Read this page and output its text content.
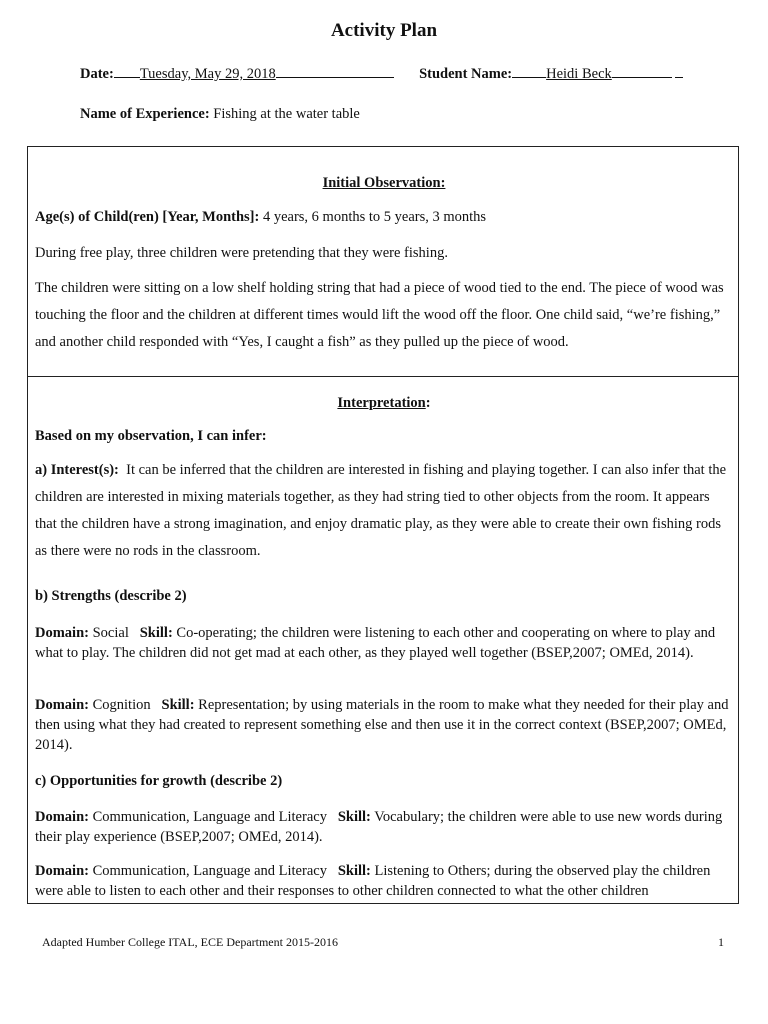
Activity Plan
Date: Tuesday, May 29, 2018	Student Name: Heidi Beck
Name of Experience: Fishing at the water table
Initial Observation:
Age(s) of Child(ren) [Year, Months]: 4 years, 6 months to 5 years, 3 months
During free play, three children were pretending that they were fishing.
The children were sitting on a low shelf holding string that had a piece of wood tied to the end. The piece of wood was touching the floor and the children at different times would lift the wood off the floor. One child said, “we’re fishing,” and another child responded with “Yes, I caught a fish” as they pulled up the piece of wood.
Interpretation:
Based on my observation, I can infer:
a) Interest(s): It can be inferred that the children are interested in fishing and playing together. I can also infer that the children are interested in mixing materials together, as they had string tied to other objects from the room. It appears that the children have a strong imagination, and enjoy dramatic play, as they were able to create their own fishing rods as there were no rods in the classroom.
b) Strengths (describe 2)
Domain: Social Skill: Co-operating; the children were listening to each other and cooperating on where to play and what to play. The children did not get mad at each other, as they played well together (BSEP,2007; OMEd, 2014).
Domain: Cognition Skill: Representation; by using materials in the room to make what they needed for their play and then using what they had created to represent something else and then use it in the correct context (BSEP,2007; OMEd, 2014).
c) Opportunities for growth (describe 2)
Domain: Communication, Language and Literacy Skill: Vocabulary; the children were able to use new words during their play experience (BSEP,2007; OMEd, 2014).
Domain: Communication, Language and Literacy Skill: Listening to Others; during the observed play the children were able to listen to each other and their responses to other children connected to what the other children
Adapted Humber College ITAL, ECE Department 2015-2016	1
